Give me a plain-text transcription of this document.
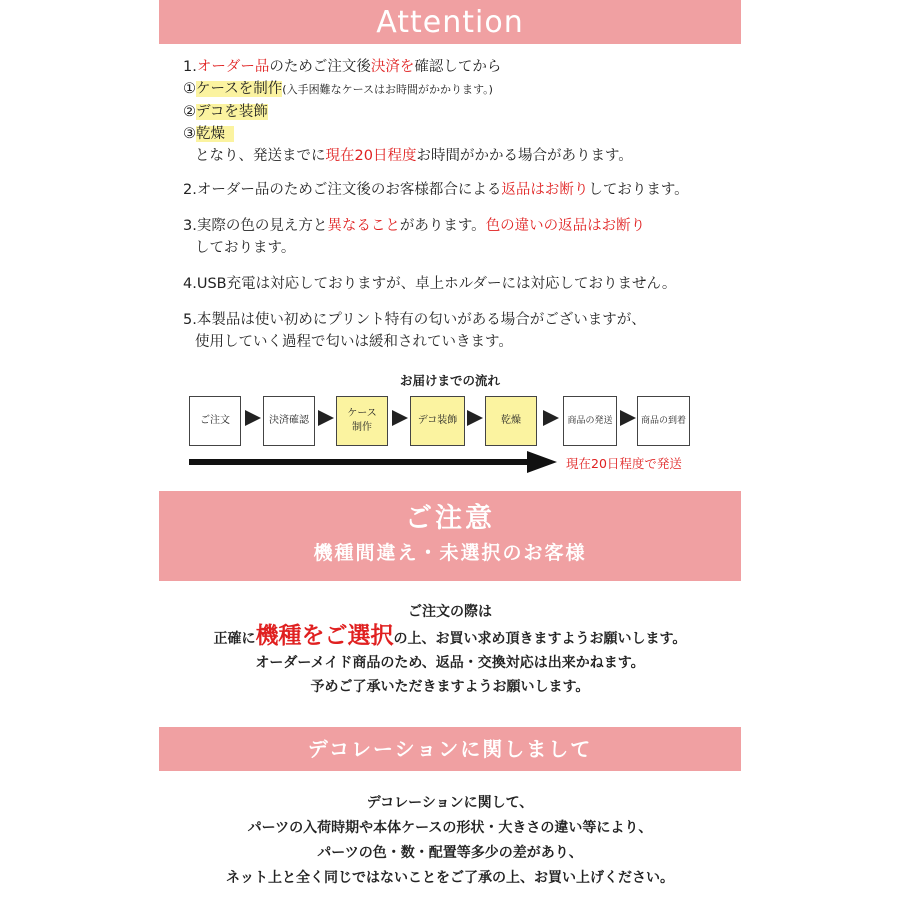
Attention

1.オーダー品のためご注文後決済を確認してから

①ケースを制作(入手困難なケースはお時間がかかります。)

②デコを装飾

③乾燥

となり、発送までに現在20日程度お時間がかかる場合があります。

2.オーダー品のためご注文後のお客様都合による返品はお断りしております。

3.実際の色の見え方と異なることがあります。色の違いの返品はお断り

しております。

4.USB充電は対応しておりますが、卓上ホルダーには対応しておりません。

5.本製品は使い初めにプリント特有の匂いがある場合がございますが、

使用していく過程で匂いは緩和されていきます。

お届けまでの流れ
ご注文	決済確認
ケース
制作
デコ装飾	乾燥	商品の発送	商品の到着
現在20日程度で発送
ご注意
機種間違え・未選択のお客様

ご注文の際は

正確に機種をご選択の上、お買い求め頂きますようお願いします。

オーダーメイド商品のため、返品・交換対応は出来かねます。

予めご了承いただきますようお願いします。

デコレーションに関しまして

デコレーションに関して、

パーツの入荷時期や本体ケースの形状・大きさの違い等により、

パーツの色・数・配置等多少の差があり、

ネット上と全く同じではないことをご了承の上、お買い上げください。
